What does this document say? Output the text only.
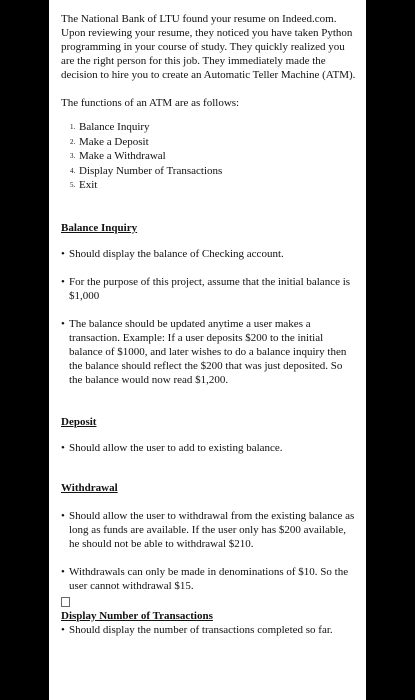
The National Bank of LTU found your resume on Indeed.com. Upon reviewing your resume, they noticed you have taken Python programming in your course of study. They quickly realized you are the right person for this job. They immediately made the decision to hire you to create an Automatic Teller Machine (ATM).

The functions of an ATM are as follows:

1. Balance Inquiry
2. Make a Deposit
3. Make a Withdrawal
4. Display Number of Transactions
5. Exit

Balance Inquiry

• Should display the balance of Checking account.

• For the purpose of this project, assume that the initial balance is $1,000

• The balance should be updated anytime a user makes a transaction. Example: If a user deposits $200 to the initial balance of $1000, and later wishes to do a balance inquiry then the balance should reflect the $200 that was just deposited. So the balance would now read $1,200.

Deposit

• Should allow the user to add to existing balance.

Withdrawal

• Should allow the user to withdrawal from the existing balance as long as funds are available. If the user only has $200 available, he should not be able to withdrawal $210.

• Withdrawals can only be made in denominations of $10. So the user cannot withdrawal $15.

Display Number of Transactions

• Should display the number of transactions completed so far.
